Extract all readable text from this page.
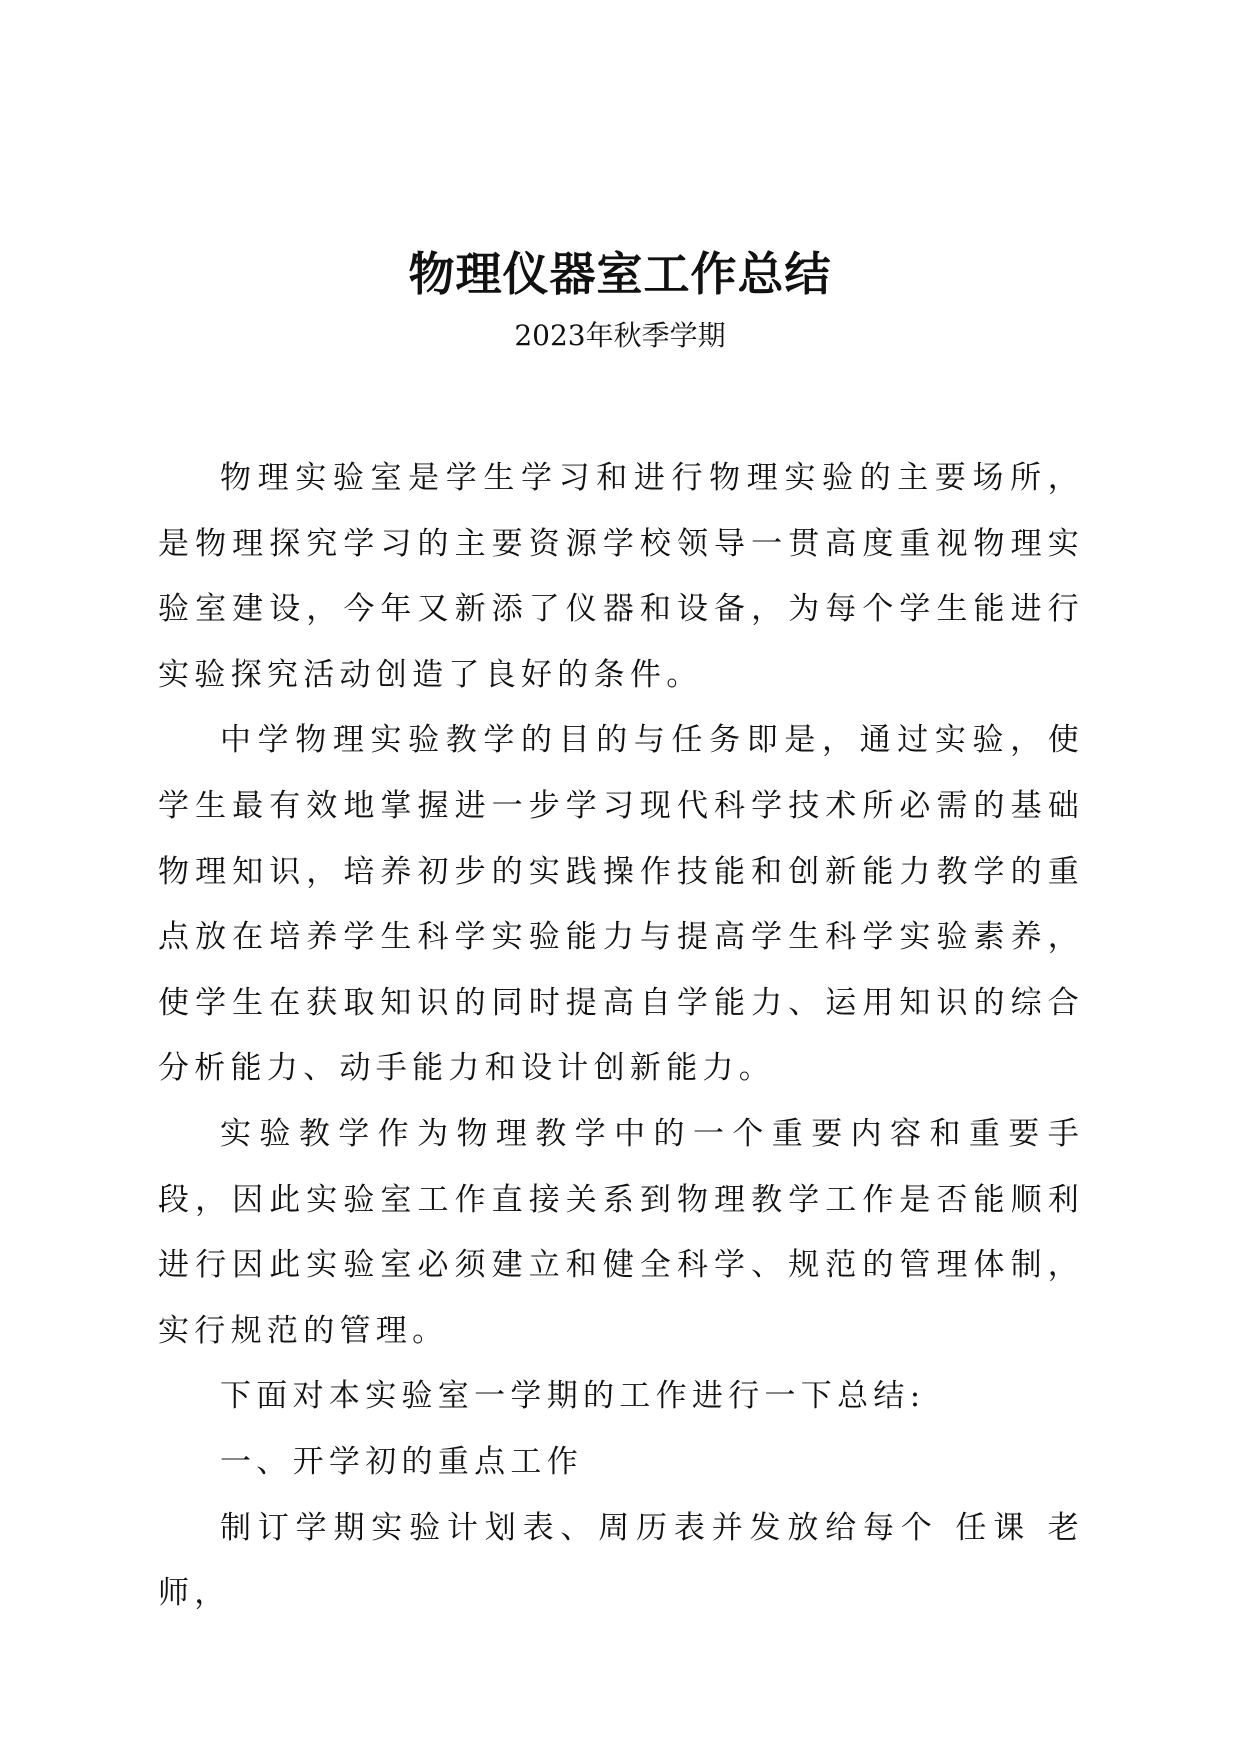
物理仪器室工作总结
2023年秋季学期

物理实验室是学生学习和进行物理实验的主要场所，是物理探究学习的主要资源学校领导一贯高度重视物理实验室建设，今年又新添了仪器和设备，为每个学生能进行实验探究活动创造了良好的条件。

中学物理实验教学的目的与任务即是，通过实验，使学生最有效地掌握进一步学习现代科学技术所必需的基础物理知识，培养初步的实践操作技能和创新能力教学的重点放在培养学生科学实验能力与提高学生科学实验素养，使学生在获取知识的同时提高自学能力、运用知识的综合分析能力、动手能力和设计创新能力。

实验教学作为物理教学中的一个重要内容和重要手段，因此实验室工作直接关系到物理教学工作是否能顺利进行因此实验室必须建立和健全科学、规范的管理体制，实行规范的管理。

下面对本实验室一学期的工作进行一下总结:

一、开学初的重点工作

制订学期实验计划表、周历表并发放给每个 任课 老师，
